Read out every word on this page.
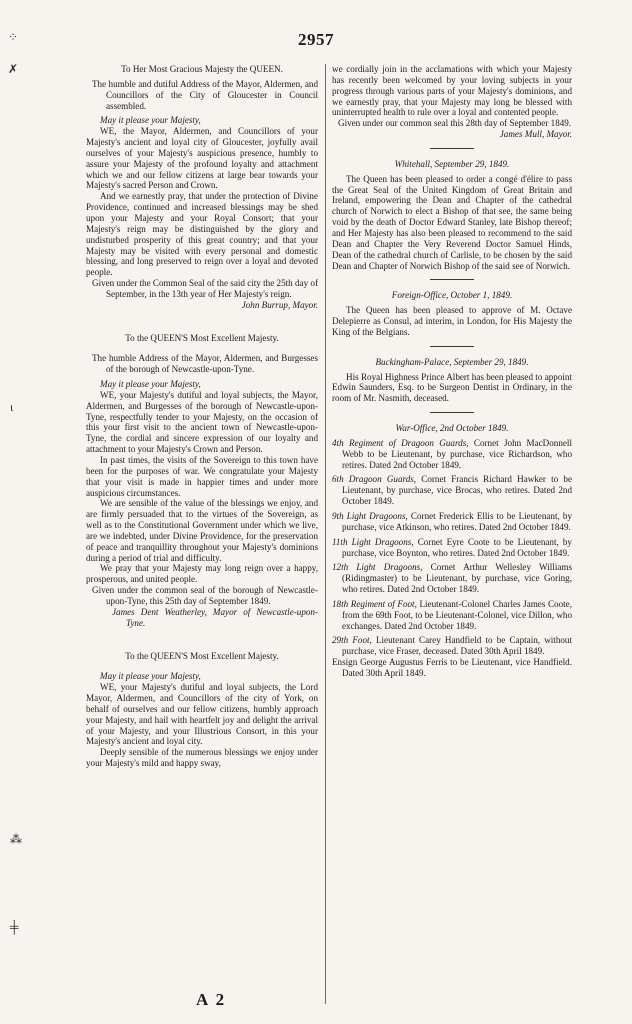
2957
⁘
✗
ɩ
⁂
╪

To Her Most Gracious Majesty the QUEEN.

The humble and dutiful Address of the Mayor, Aldermen, and Councillors of the City of Gloucester in Council assembled.

May it please your Majesty,

WE, the Mayor, Aldermen, and Councillors of your Majesty's ancient and loyal city of Gloucester, joyfully avail ourselves of your Majesty's auspicious presence, humbly to assure your Majesty of the profound loyalty and attachment which we and our fellow citizens at large bear towards your Majesty's sacred Person and Crown.

And we earnestly pray, that under the protection of Divine Providence, continued and increased blessings may be shed upon your Majesty and your Royal Consort; that your Majesty's reign may be distinguished by the glory and undisturbed prosperity of this great country; and that your Majesty may be visited with every personal and domestic blessing, and long preserved to reign over a loyal and devoted people.

Given under the Common Seal of the said city the 25th day of September, in the 13th year of Her Majesty's reign.

John Burrup, Mayor.

To the QUEEN'S Most Excellent Majesty.

The humble Address of the Mayor, Aldermen, and Burgesses of the borough of Newcastle-upon-Tyne.

May it please your Majesty,

WE, your Majesty's dutiful and loyal subjects, the Mayor, Aldermen, and Burgesses of the borough of Newcastle-upon-Tyne, respectfully tender to your Majesty, on the occasion of this your first visit to the ancient town of Newcastle-upon-Tyne, the cordial and sincere expression of our loyalty and attachment to your Majesty's Crown and Person.

In past times, the visits of the Sovereign to this town have been for the purposes of war. We congratulate your Majesty that your visit is made in happier times and under more auspicious circumstances.

We are sensible of the value of the blessings we enjoy, and are firmly persuaded that to the virtues of the Sovereign, as well as to the Constitutional Government under which we live, are we indebted, under Divine Providence, for the preservation of peace and tranquillity throughout your Majesty's dominions during a period of trial and difficulty.

We pray that your Majesty may long reign over a happy, prosperous, and united people.

Given under the common seal of the borough of Newcastle-upon-Tyne, this 25th day of September 1849.

James Dent Weatherley, Mayor of Newcastle-upon-Tyne.

To the QUEEN'S Most Excellent Majesty.

May it please your Majesty,

WE, your Majesty's dutiful and loyal subjects, the Lord Mayor, Aldermen, and Councillors of the city of York, on behalf of ourselves and our fellow citizens, humbly approach your Majesty, and hail with heartfelt joy and delight the arrival of your Majesty, and your Illustrious Consort, in this your Majesty's ancient and loyal city.

Deeply sensible of the numerous blessings we enjoy under your Majesty's mild and happy sway,

we cordially join in the acclamations with which your Majesty has recently been welcomed by your loving subjects in your progress through various parts of your Majesty's dominions, and we earnestly pray, that your Majesty may long be blessed with uninterrupted health to rule over a loyal and contented people.

Given under our common seal this 28th day of September 1849.

James Mull, Mayor.

Whitehall, September 29, 1849.

The Queen has been pleased to order a congé d'élire to pass the Great Seal of the United Kingdom of Great Britain and Ireland, empowering the Dean and Chapter of the cathedral church of Norwich to elect a Bishop of that see, the same being void by the death of Doctor Edward Stanley, late Bishop thereof; and Her Majesty has also been pleased to recommend to the said Dean and Chapter the Very Reverend Doctor Samuel Hinds, Dean of the cathedral church of Carlisle, to be chosen by the said Dean and Chapter of Norwich Bishop of the said see of Norwich.

Foreign-Office, October 1, 1849.

The Queen has been pleased to approve of M. Octave Delepierre as Consul, ad interim, in London, for His Majesty the King of the Belgians.

Buckingham-Palace, September 29, 1849.

His Royal Highness Prince Albert has been pleased to appoint Edwin Saunders, Esq. to be Surgeon Dentist in Ordinary, in the room of Mr. Nasmith, deceased.

War-Office, 2nd October 1849.

4th Regiment of Dragoon Guards, Cornet John MacDonnell Webb to be Lieutenant, by purchase, vice Richardson, who retires. Dated 2nd October 1849.

6th Dragoon Guards, Cornet Francis Richard Hawker to be Lieutenant, by purchase, vice Brocas, who retires. Dated 2nd October 1849.

9th Light Dragoons, Cornet Frederick Ellis to be Lieutenant, by purchase, vice Atkinson, who retires. Dated 2nd October 1849.

11th Light Dragoons, Cornet Eyre Coote to be Lieutenant, by purchase, vice Boynton, who retires. Dated 2nd October 1849.

12th Light Dragoons, Cornet Arthur Wellesley Williams (Ridingmaster) to be Lieutenant, by purchase, vice Goring, who retires. Dated 2nd October 1849.

18th Regiment of Foot, Lieutenant-Colonel Charles James Coote, from the 69th Foot, to be Lieutenant-Colonel, vice Dillon, who exchanges. Dated 2nd October 1849.

29th Foot, Lieutenant Carey Handfield to be Captain, without purchase, vice Fraser, deceased. Dated 30th April 1849.

Ensign George Augustus Ferris to be Lieutenant, vice Handfield. Dated 30th April 1849.

A 2
